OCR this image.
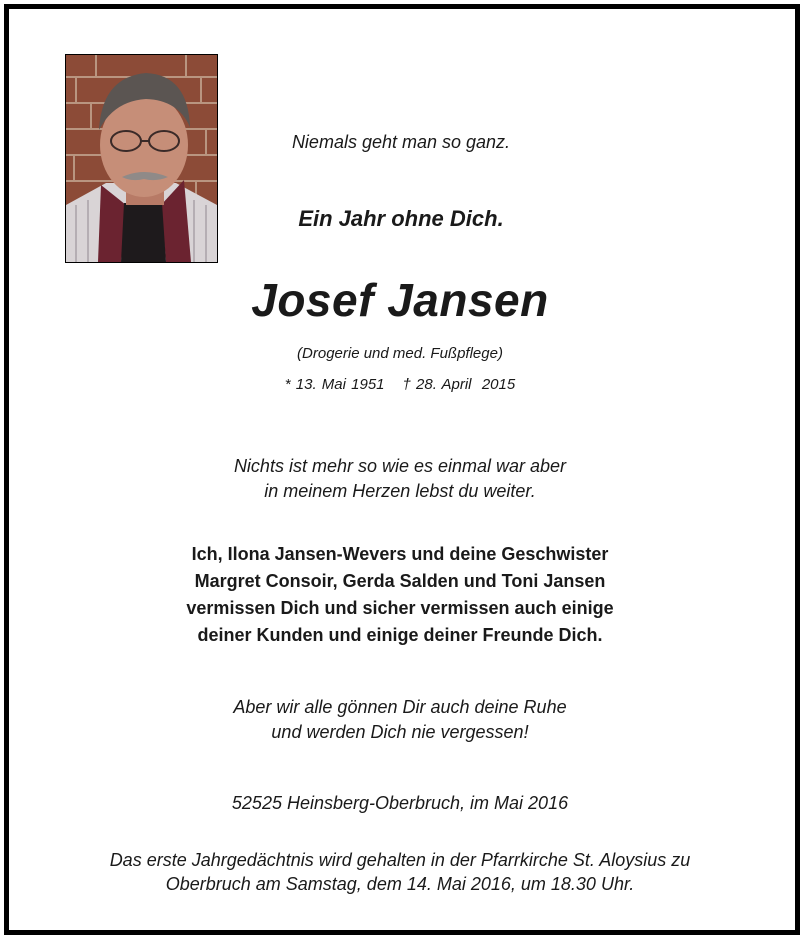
Niemals geht man so ganz.
Ein Jahr ohne Dich.
Josef Jansen
(Drogerie und med. Fußpflege)
* 13. Mai 1951 † 28. April  2015
Nichts ist mehr so wie es einmal war aber
in meinem Herzen lebst du weiter.
Ich, Ilona Jansen-Wevers und deine Geschwister
Margret Consoir, Gerda Salden und Toni Jansen
vermissen Dich und sicher vermissen auch einige
deiner Kunden und einige deiner Freunde Dich.
Aber wir alle gönnen Dir auch deine Ruhe
und werden Dich nie vergessen!
52525 Heinsberg-Oberbruch, im Mai 2016
Das erste Jahrgedächtnis wird gehalten in der Pfarrkirche St. Aloysius zu
Oberbruch am Samstag, dem 14. Mai 2016, um 18.30 Uhr.
